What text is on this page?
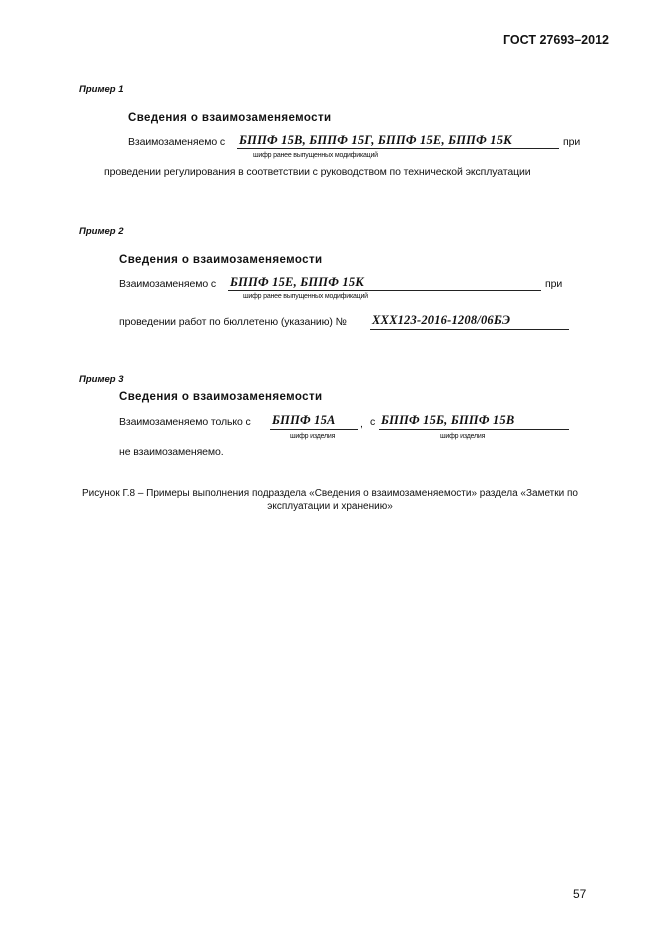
ГОСТ 27693–2012
Пример 1
Сведения о взаимозаменяемости
Взаимозаменяемо с БППФ 15В, БППФ 15Г, БППФ 15Е, БППФ 15К	при
шифр ранее выпущенных модификаций
проведении регулирования в соответствии с руководством по технической эксплуатации
Пример 2
Сведения о взаимозаменяемости
Взаимозаменяемо с БППФ 15Е, БППФ 15К	при
шифр ранее выпущенных модификаций
проведении работ по бюллетеню (указанию) № ХХХ123-2016-1208/06БЭ
Пример 3
Сведения о взаимозаменяемости
Взаимозаменяемо только с БППФ 15А , с БППФ 15Б, БППФ 15В
шифр изделия	шифр изделия
не взаимозаменяемо.
Рисунок Г.8 – Примеры выполнения подраздела «Сведения о взаимозаменяемости» раздела «Заметки по эксплуатации и хранению»
57
